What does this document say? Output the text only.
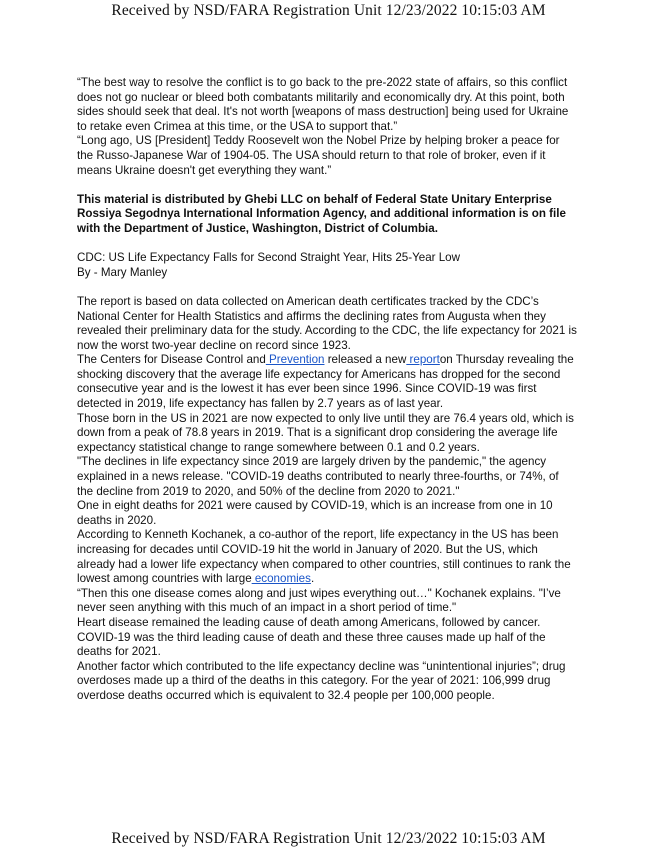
Received by NSD/FARA Registration Unit 12/23/2022 10:15:03 AM

“The best way to resolve the conflict is to go back to the pre-2022 state of affairs, so this conflict does not go nuclear or bleed both combatants militarily and economically dry. At this point, both sides should seek that deal. It's not worth [weapons of mass destruction] being used for Ukraine to retake even Crimea at this time, or the USA to support that.”

“Long ago, US [President] Teddy Roosevelt won the Nobel Prize by helping broker a peace for the Russo-Japanese War of 1904-05. The USA should return to that role of broker, even if it means Ukraine doesn't get everything they want.”

This material is distributed by Ghebi LLC on behalf of Federal State Unitary Enterprise Rossiya Segodnya International Information Agency, and additional information is on file with the Department of Justice, Washington, District of Columbia.

CDC: US Life Expectancy Falls for Second Straight Year, Hits 25-Year Low

By - Mary Manley

The report is based on data collected on American death certificates tracked by the CDC’s National Center for Health Statistics and affirms the declining rates from Augusta when they revealed their preliminary data for the study. According to the CDC, the life expectancy for 2021 is now the worst two-year decline on record since 1923.

The Centers for Disease Control and Prevention released a new reporton Thursday revealing the shocking discovery that the average life expectancy for Americans has dropped for the second consecutive year and is the lowest it has ever been since 1996. Since COVID-19 was first detected in 2019, life expectancy has fallen by 2.7 years as of last year.

Those born in the US in 2021 are now expected to only live until they are 76.4 years old, which is down from a peak of 78.8 years in 2019. That is a significant drop considering the average life expectancy statistical change to range somewhere between 0.1 and 0.2 years.

"The declines in life expectancy since 2019 are largely driven by the pandemic," the agency explained in a news release. "COVID-19 deaths contributed to nearly three-fourths, or 74%, of the decline from 2019 to 2020, and 50% of the decline from 2020 to 2021."

One in eight deaths for 2021 were caused by COVID-19, which is an increase from one in 10 deaths in 2020.

According to Kenneth Kochanek, a co-author of the report, life expectancy in the US has been increasing for decades until COVID-19 hit the world in January of 2020. But the US, which already had a lower life expectancy when compared to other countries, still continues to rank the lowest among countries with large economies.

“Then this one disease comes along and just wipes everything out…" Kochanek explains. "I’ve never seen anything with this much of an impact in a short period of time."

Heart disease remained the leading cause of death among Americans, followed by cancer. COVID-19 was the third leading cause of death and these three causes made up half of the deaths for 2021.

Another factor which contributed to the life expectancy decline was “unintentional injuries”; drug overdoses made up a third of the deaths in this category. For the year of 2021: 106,999 drug overdose deaths occurred which is equivalent to 32.4 people per 100,000 people.

Received by NSD/FARA Registration Unit 12/23/2022 10:15:03 AM
